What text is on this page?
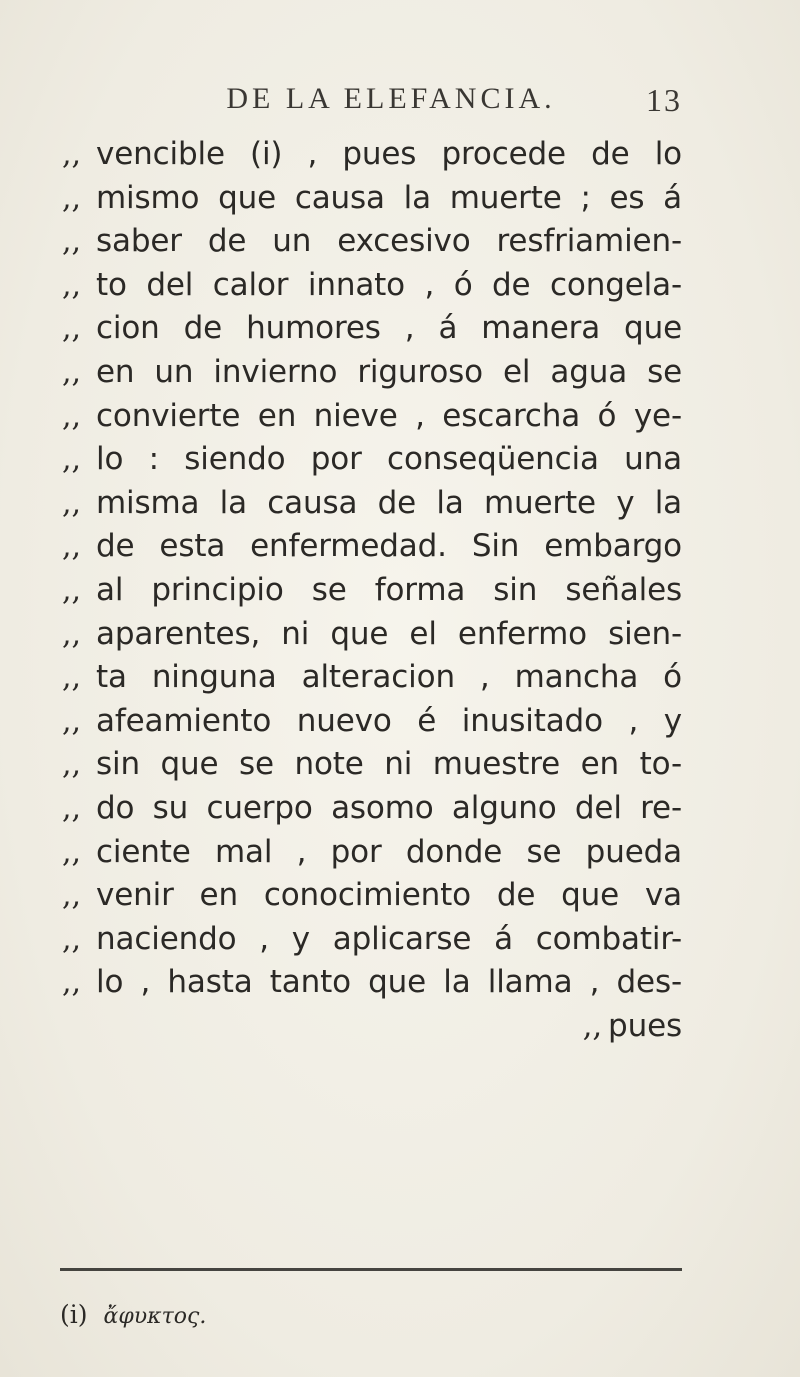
DE LA ELEFANCIA.	13
,, vencible (i) , pues procede de lo
,, mismo que causa la muerte ; es á
,, saber de un excesivo resfriamien-
,, to del calor innato , ó de congela-
,, cion de humores , á manera que
,, en un invierno riguroso el agua se
,, convierte en nieve , escarcha ó ye-
,, lo : siendo por conseqüencia una
,, misma la causa de la muerte y la
,, de esta enfermedad. Sin embargo
,, al principio se forma sin señales
,, aparentes, ni que el enfermo sien-
,, ta ninguna alteracion , mancha ó
,, afeamiento nuevo é inusitado , y
,, sin que se note ni muestre en to-
,, do su cuerpo asomo alguno del re-
,, ciente mal , por donde se pueda
,, venir en conocimiento de que va
,, naciendo , y aplicarse á combatir-
,, lo , hasta tanto que la llama , des-
,, pues
(i) ἄφυκτος.
